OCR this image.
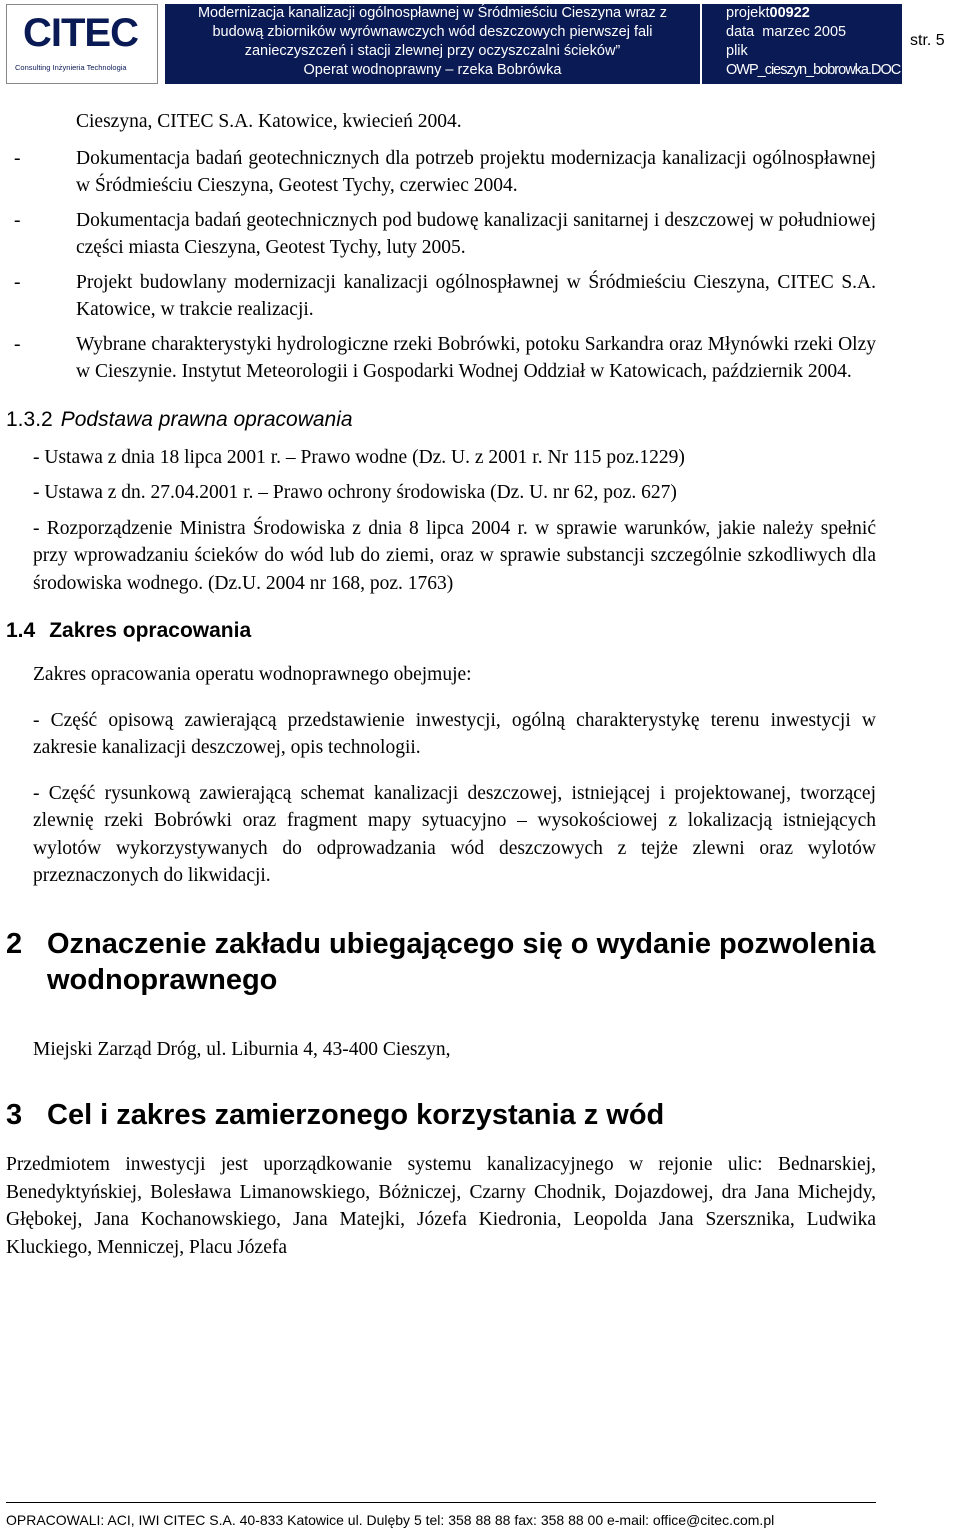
CITEC
Consulting Inżynieria Technologia
Modernizacja kanalizacji ogólnospławnej w Śródmieściu Cieszyna wraz z
budową zbiorników wyrównawczych wód deszczowych pierwszej fali
zanieczyszczeń i stacji zlewnej przy oczyszczalni ścieków”
Operat wodnoprawny – rzeka Bobrówka
projekt00922
data marzec 2005
plik
OWP_cieszyn_bobrowka.DOC
str. 5
Cieszyna, CITEC S.A. Katowice, kwiecień 2004.
-	Dokumentacja badań geotechnicznych dla potrzeb projektu modernizacja kanalizacji ogólnospławnej w Śródmieściu Cieszyna, Geotest Tychy, czerwiec 2004.
-	Dokumentacja badań geotechnicznych pod budowę kanalizacji sanitarnej i deszczowej w południowej części miasta Cieszyna, Geotest Tychy, luty 2005.
-	Projekt budowlany modernizacji kanalizacji ogólnospławnej w Śródmieściu Cieszyna, CITEC S.A. Katowice, w trakcie realizacji.
-	Wybrane charakterystyki hydrologiczne rzeki Bobrówki, potoku Sarkandra oraz Młynówki rzeki Olzy w Cieszynie. Instytut Meteorologii i Gospodarki Wodnej Oddział w Katowicach, październik 2004.
1.3.2 Podstawa prawna opracowania
- Ustawa z dnia 18 lipca 2001 r. – Prawo wodne (Dz. U. z 2001 r. Nr 115 poz.1229)
- Ustawa z dn. 27.04.2001 r. – Prawo ochrony środowiska (Dz. U. nr 62, poz. 627)
- Rozporządzenie Ministra Środowiska z dnia 8 lipca 2004 r. w sprawie warunków, jakie należy spełnić przy wprowadzaniu ścieków do wód lub do ziemi, oraz w sprawie substancji szczególnie szkodliwych dla środowiska wodnego. (Dz.U. 2004 nr 168, poz. 1763)
1.4 Zakres opracowania
Zakres opracowania operatu wodnoprawnego obejmuje:
- Część opisową zawierającą przedstawienie inwestycji, ogólną charakterystykę terenu inwestycji w zakresie kanalizacji deszczowej, opis technologii.
- Część rysunkową zawierającą schemat kanalizacji deszczowej, istniejącej i projektowanej, tworzącej zlewnię rzeki Bobrówki oraz fragment mapy sytuacyjno – wysokościowej z lokalizacją istniejących wylotów wykorzystywanych do odprowadzania wód deszczowych z tejże zlewni oraz wylotów przeznaczonych do likwidacji.
2 Oznaczenie zakładu ubiegającego się o wydanie pozwolenia wodnoprawnego
Miejski Zarząd Dróg, ul. Liburnia 4, 43-400 Cieszyn,
3 Cel i zakres zamierzonego korzystania z wód
Przedmiotem inwestycji jest uporządkowanie systemu kanalizacyjnego w rejonie ulic: Bednarskiej, Benedyktyńskiej, Bolesława Limanowskiego, Bóżniczej, Czarny Chodnik, Dojazdowej, dra Jana Michejdy, Głębokej, Jana Kochanowskiego, Jana Matejki, Józefa Kiedronia, Leopolda Jana Szersznika, Ludwika Kluckiego, Menniczej, Placu Józefa
OPRACOWALI: ACI, IWI CITEC S.A. 40-833 Katowice ul. Dulęby 5 tel: 358 88 88 fax: 358 88 00 e-mail: office@citec.com.pl
